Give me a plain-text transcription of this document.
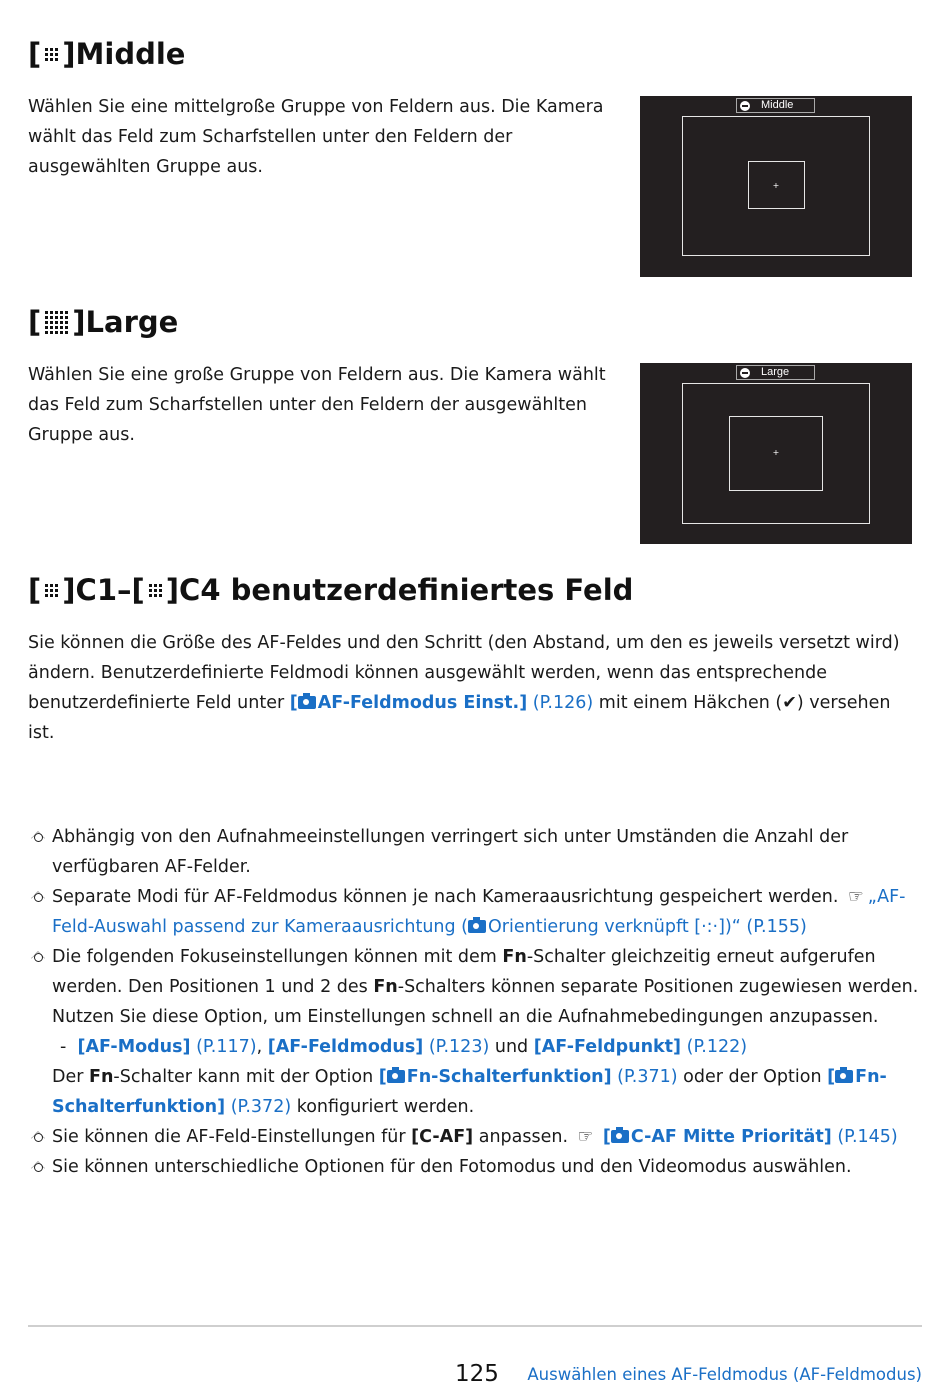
[ ] Middle

Wählen Sie eine mittelgroße Gruppe von Feldern aus. Die Kamera wählt das Feld zum Scharfstellen unter den Feldern der ausgewählten Gruppe aus.

Middle
+
[ ] Large

Wählen Sie eine große Gruppe von Feldern aus. Die Kamera wählt das Feld zum Scharfstellen unter den Feldern der ausgewählten Gruppe aus.

Large
+
[ ] C1– [ ] C4 benutzerdefiniertes Feld

Sie können die Größe des AF-Feldes und den Schritt (den Abstand, um den es jeweils versetzt wird) ändern. Benutzerdefinierte Feldmodi können ausgewählt werden, wenn das entsprechende benutzerdefinierte Feld unter [ AF-Feldmodus Einst.] (P.126) mit einem Häkchen (✔) versehen ist.

Abhängig von den Aufnahmeeinstellungen verringert sich unter Umständen die Anzahl der verfügbaren AF-Felder.

Separate Modi für AF-Feldmodus können je nach Kameraausrichtung gespeichert werden. ☞ „AF-Feld-Auswahl passend zur Kameraausrichtung ( Orientierung verknüpft [·:·])“ (P.155)

Die folgenden Fokuseinstellungen können mit dem Fn-Schalter gleichzeitig erneut aufgerufen werden. Den Positionen 1 und 2 des Fn-Schalters können separate Positionen zugewiesen werden. Nutzen Sie diese Option, um Einstellungen schnell an die Aufnahmebedingungen anzupassen.
- [AF-Modus] (P.117), [AF-Feldmodus] (P.123) und [AF-Feldpunkt] (P.122)
Der Fn-Schalter kann mit der Option [ Fn-Schalterfunktion] (P.371) oder der Option [ Fn-Schalterfunktion] (P.372) konfiguriert werden.

Sie können die AF-Feld-Einstellungen für [C-AF] anpassen. ☞ [ C-AF Mitte Priorität] (P.145)

Sie können unterschiedliche Optionen für den Fotomodus und den Videomodus auswählen.

125 Auswählen eines AF-Feldmodus (AF-Feldmodus)
